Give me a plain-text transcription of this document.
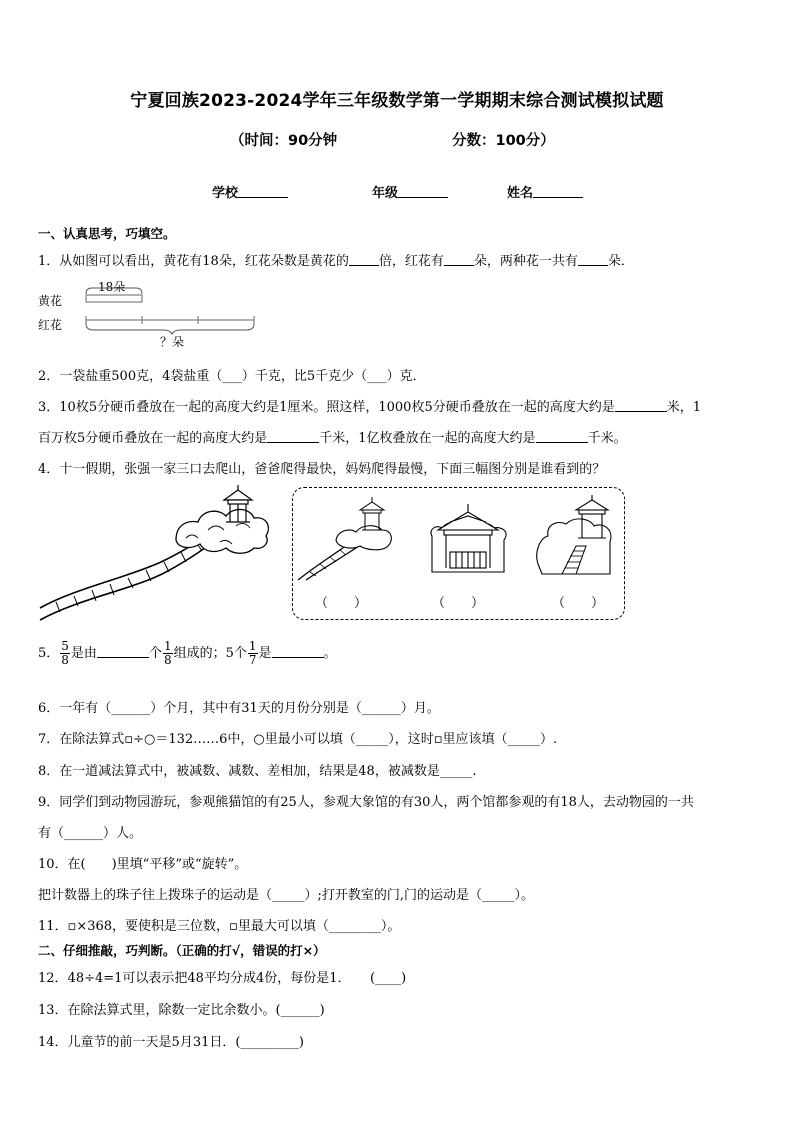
宁夏回族2023-2024学年三年级数学第一学期期末综合测试模拟试题
（时间：90分钟	分数：100分）
学校	年级	姓名
一、认真思考，巧填空。
1．从如图可以看出，黄花有18朵，红花朵数是黄花的 倍，红花有 朵，两种花一共有 朵．
黄花
红花
18朵
？朵
2．一袋盐重500克，4袋盐重（___）千克，比5千克少（___）克．
3．10枚5分硬币叠放在一起的高度大约是1厘米。照这样，1000枚5分硬币叠放在一起的高度大约是	米，1
百万枚5分硬币叠放在一起的高度大约是	千米，1亿枚叠放在一起的高度大约是	千米。
4．十一假期，张强一家三口去爬山，爸爸爬得最快，妈妈爬得最慢，下面三幅图分别是谁看到的？
（　　）	（　　）	（　　）
5． $\frac{5}{8}$ 是由	个 $\frac{1}{8}$ 组成的；5个 $\frac{1}{7}$ 是	。
6．一年有（______）个月，其中有31天的月份分别是（______）月。
7．在除法算式▫÷○＝132……6中，○里最小可以填（_____），这时▫里应该填（_____）.
8．在一道减法算式中，被减数、减数、差相加，结果是48，被减数是_____.
9．同学们到动物园游玩，参观熊猫馆的有25人，参观大象馆的有30人，两个馆都参观的有18人，去动物园的一共
有（______）人。
10．在(　　)里填“平移”或“旋转”。
把计数器上的珠子往上拨珠子的运动是（_____）;打开教室的门,门的运动是（_____）。
11．▫×368，要使积是三位数，▫里最大可以填（________）。
二、仔细推敲，巧判断。（正确的打√，错误的打×）
12．48÷4=1可以表示把48平均分成4份，每份是1．　　(____)
13．在除法算式里，除数一定比余数小。(______)
14．儿童节的前一天是5月31日．(_________)
